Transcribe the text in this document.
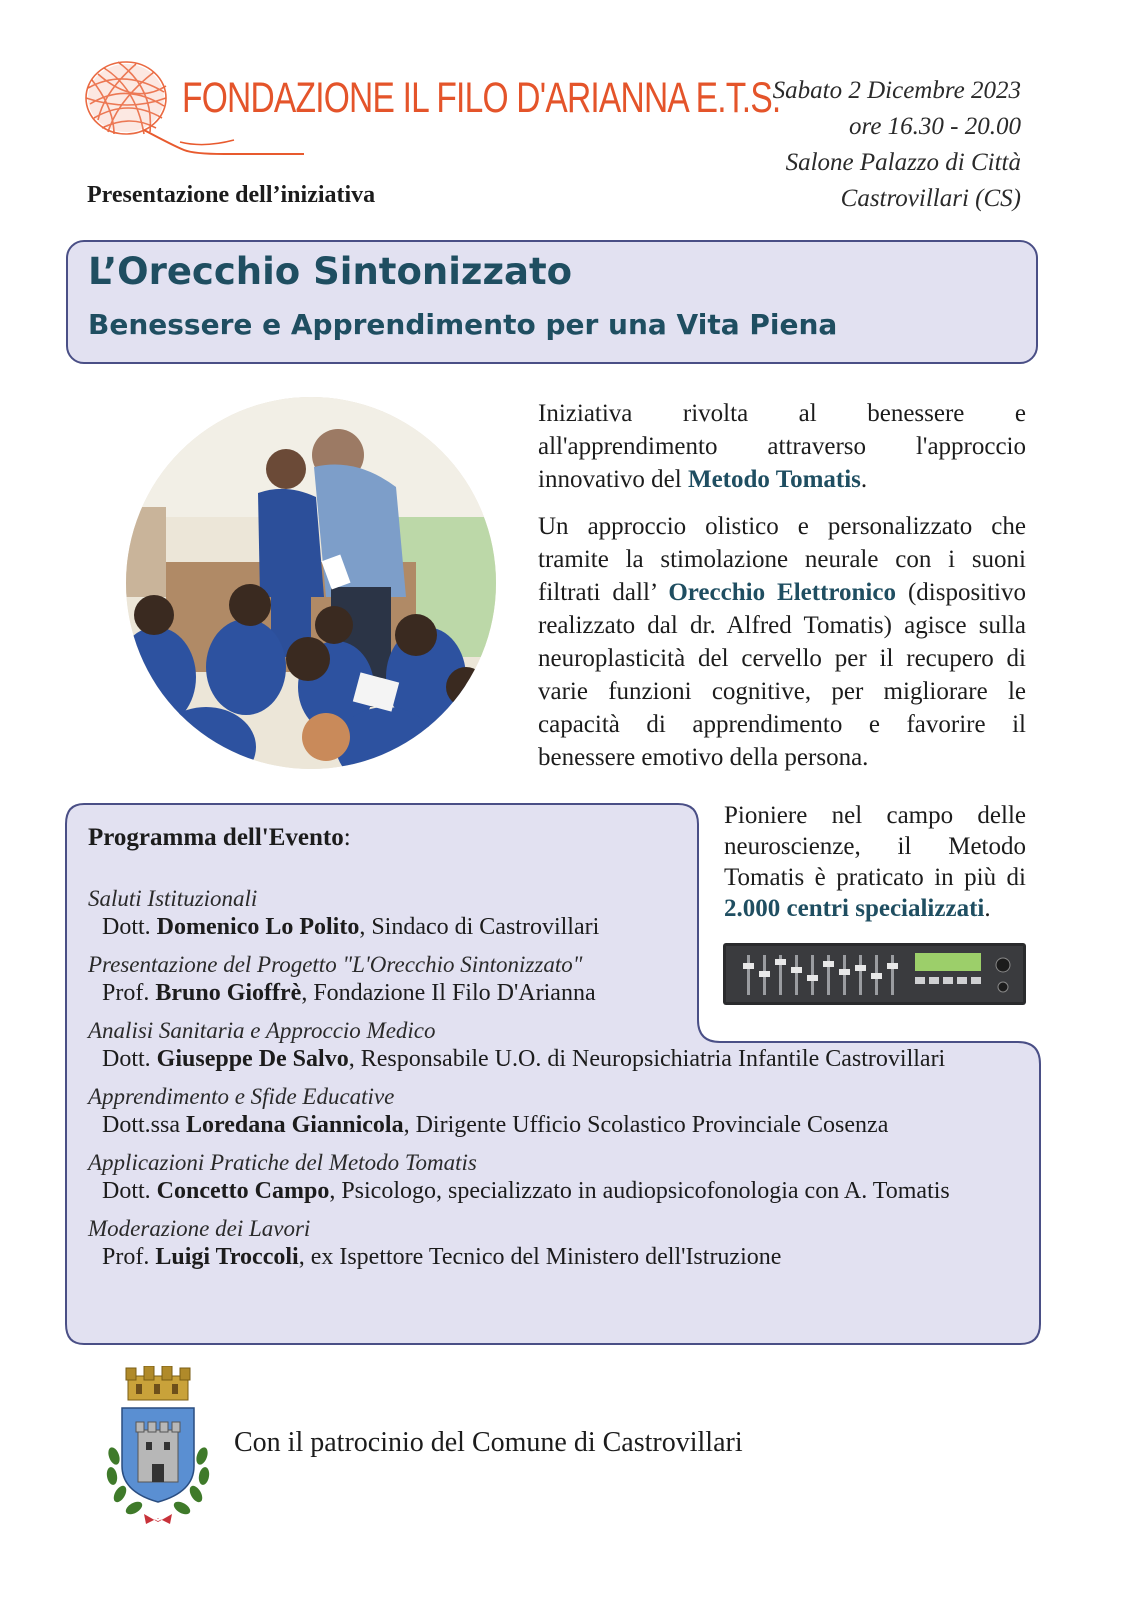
FONDAZIONE IL FILO D'ARIANNA E.T.S.
Presentazione dell’iniziativa
Sabato 2 Dicembre 2023
ore 16.30 - 20.00
Salone Palazzo di Città
Castrovillari (CS)
L’Orecchio Sintonizzato
Benessere e Apprendimento per una Vita Piena

Iniziativa rivolta al benessere e all'apprendimento attraverso l'approccio innovativo del Metodo Tomatis.

Un approccio olistico e personalizzato che tramite la stimolazione neurale con i suoni filtrati dall’ Orecchio Elettronico (dispositivo realizzato dal dr. Alfred Tomatis) agisce sulla neuroplasticità del cervello per il recupero di varie funzioni cognitive, per migliorare le capacità di apprendimento e favorire il benessere emotivo della persona.

Programma dell'Evento:
Saluti Istituzionali
Dott. Domenico Lo Polito, Sindaco di Castrovillari
Presentazione del Progetto "L'Orecchio Sintonizzato"
Prof. Bruno Gioffrè, Fondazione Il Filo D'Arianna
Analisi Sanitaria e Approccio Medico
Dott. Giuseppe De Salvo, Responsabile U.O. di Neuropsichiatria Infantile Castrovillari
Apprendimento e Sfide Educative
Dott.ssa Loredana Giannicola, Dirigente Ufficio Scolastico Provinciale Cosenza
Applicazioni Pratiche del Metodo Tomatis
Dott. Concetto Campo, Psicologo, specializzato in audiopsicofonologia con A. Tomatis
Moderazione dei Lavori
Prof. Luigi Troccoli, ex Ispettore Tecnico del Ministero dell'Istruzione
Pioniere nel campo delle neuroscienze, il Metodo Tomatis è praticato in più di 2.000 centri specializzati.
Con il patrocinio del Comune di Castrovillari
